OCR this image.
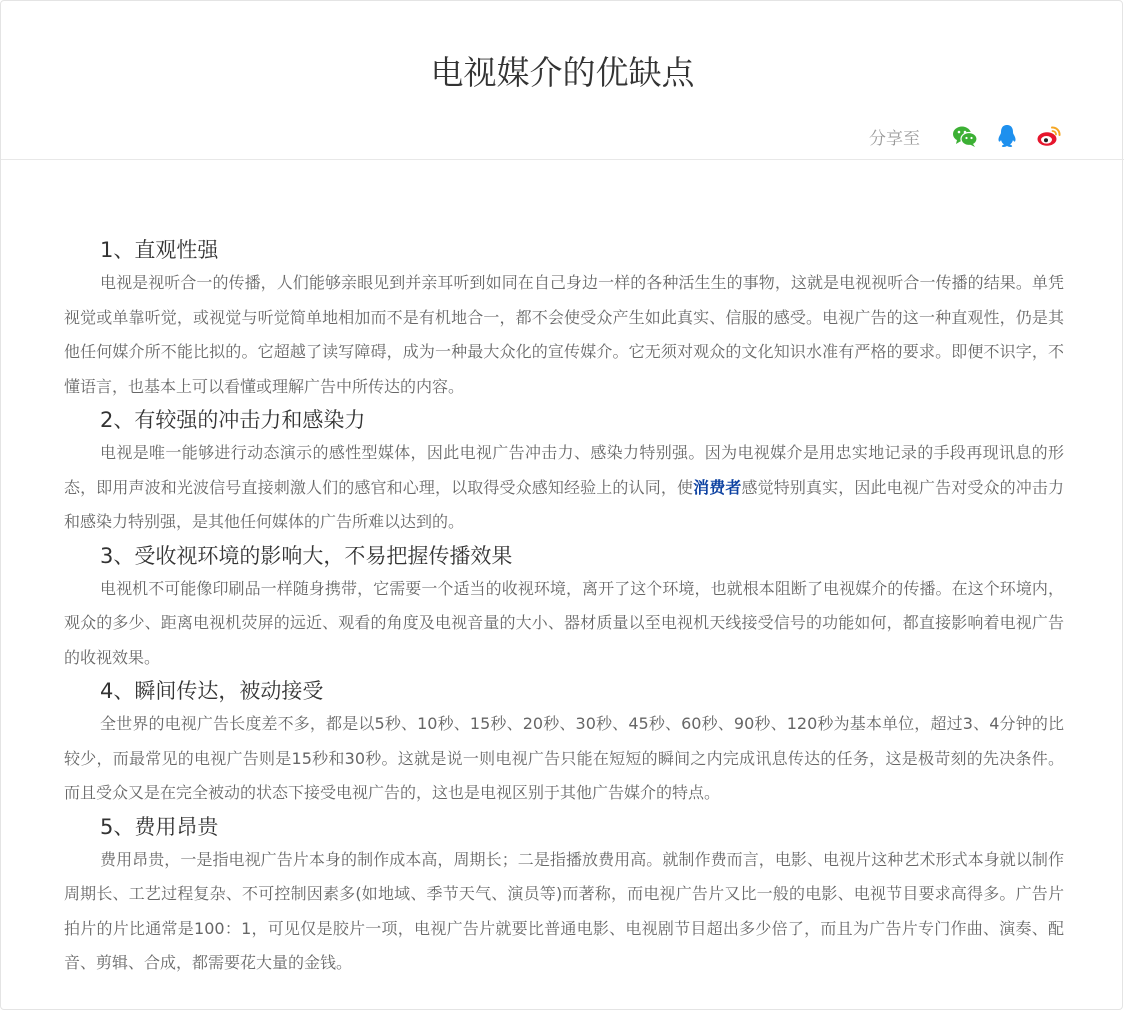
电视媒介的优缺点
分享至
1、直观性强

电视是视听合一的传播，人们能够亲眼见到并亲耳听到如同在自己身边一样的各种活生生的事物，这就是电视视听合一传播的结果。单凭视觉或单靠听觉，或视觉与听觉简单地相加而不是有机地合一，都不会使受众产生如此真实、信服的感受。电视广告的这一种直观性，仍是其他任何媒介所不能比拟的。它超越了读写障碍，成为一种最大众化的宣传媒介。它无须对观众的文化知识水准有严格的要求。即便不识字，不懂语言，也基本上可以看懂或理解广告中所传达的内容。

2、有较强的冲击力和感染力

电视是唯一能够进行动态演示的感性型媒体，因此电视广告冲击力、感染力特别强。因为电视媒介是用忠实地记录的手段再现讯息的形态，即用声波和光波信号直接刺激人们的感官和心理，以取得受众感知经验上的认同，使消费者感觉特别真实，因此电视广告对受众的冲击力和感染力特别强，是其他任何媒体的广告所难以达到的。

3、受收视环境的影响大，不易把握传播效果

电视机不可能像印刷品一样随身携带，它需要一个适当的收视环境，离开了这个环境，也就根本阻断了电视媒介的传播。在这个环境内，观众的多少、距离电视机荧屏的远近、观看的角度及电视音量的大小、器材质量以至电视机天线接受信号的功能如何，都直接影响着电视广告的收视效果。

4、瞬间传达，被动接受

全世界的电视广告长度差不多，都是以5秒、10秒、15秒、20秒、30秒、45秒、60秒、90秒、120秒为基本单位，超过3、4分钟的比较少，而最常见的电视广告则是15秒和30秒。这就是说一则电视广告只能在短短的瞬间之内完成讯息传达的任务，这是极苛刻的先决条件。而且受众又是在完全被动的状态下接受电视广告的，这也是电视区别于其他广告媒介的特点。

5、费用昂贵

费用昂贵，一是指电视广告片本身的制作成本高，周期长；二是指播放费用高。就制作费而言，电影、电视片这种艺术形式本身就以制作周期长、工艺过程复杂、不可控制因素多(如地域、季节天气、演员等)而著称，而电视广告片又比一般的电影、电视节目要求高得多。广告片拍片的片比通常是100：1，可见仅是胶片一项，电视广告片就要比普通电影、电视剧节目超出多少倍了，而且为广告片专门作曲、演奏、配音、剪辑、合成，都需要花大量的金钱。
